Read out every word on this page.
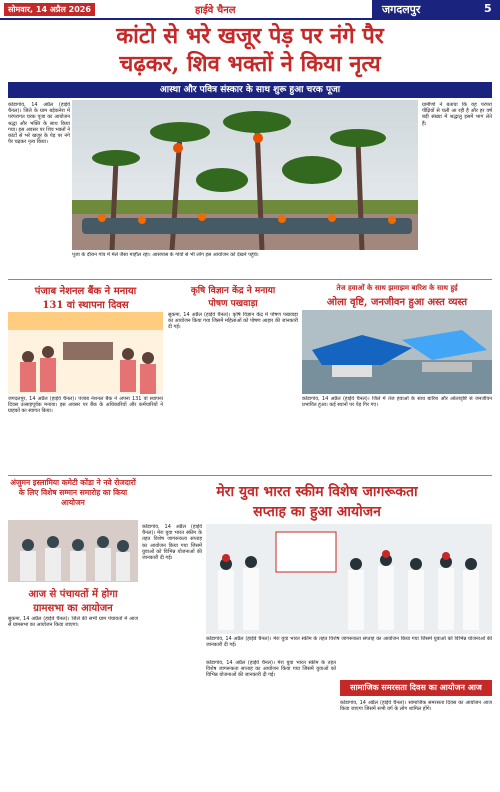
सोमवार, 14 अप्रैल 2026	हाईवे चैनल	जगदलपुर	5
कांटो से भरे खजूर पेड़ पर नंगे पैर
चढ़कर, शिव भक्तों ने किया नृत्य
आस्था और पवित्र संस्कार के साथ शुरू हुआ चरक पूजा
कोंडागांव, 14 अप्रैल (हाईवे चैनल)। जिले के ग्राम बड़ेकनेरा में परंपरागत चरक पूजा का आयोजन श्रद्धा और भक्ति के साथ किया गया। इस अवसर पर शिव भक्तों ने कांटों से भरे खजूर के पेड़ पर नंगे पैर चढ़कर नृत्य किया।
ग्रामीणों ने बताया कि यह परंपरा पीढ़ियों से चली आ रही है और हर वर्ष बड़ी संख्या में श्रद्धालु इसमें भाग लेते हैं।
पूजा के दौरान गांव में मेले जैसा माहौल रहा। आसपास के गांवों से भी लोग इस आयोजन को देखने पहुंचे।
पंजाब नेशनल बैंक ने मनाया
131 वां स्थापना दिवस
जगदलपुर, 14 अप्रैल (हाईवे चैनल)। पंजाब नेशनल बैंक ने अपना 131 वां स्थापना दिवस उत्साहपूर्वक मनाया। इस अवसर पर बैंक के अधिकारियों और कर्मचारियों ने ग्राहकों का स्वागत किया।
कृषि विज्ञान केंद्र ने मनाया
पोषण पखवाड़ा
सुकमा, 14 अप्रैल (हाईवे चैनल)। कृषि विज्ञान केंद्र में पोषण पखवाड़ा का आयोजन किया गया जिसमें महिलाओं को पोषण आहार की जानकारी दी गई।
तेज हवाओं के साथ झमाझम बारिश के साथ हुई
ओला वृष्टि, जनजीवन हुआ अस्त व्यस्त
कोंडागांव, 14 अप्रैल (हाईवे चैनल)। जिले में तेज हवाओं के साथ बारिश और ओलावृष्टि से जनजीवन प्रभावित हुआ। कई स्थानों पर पेड़ गिर गए।
अंजुमन इस्लामिया कमेटी कोंडा ने नवे रोजदारों के लिए विशेष सम्मान समारोह का किया आयोजन
मेरा युवा भारत स्कीम विशेष जागरूकता
सप्ताह का हुआ आयोजन
कोंडागांव, 14 अप्रैल (हाईवे चैनल)। मेरा युवा भारत स्कीम के तहत विशेष जागरूकता सप्ताह का आयोजन किया गया जिसमें युवाओं को विभिन्न योजनाओं की जानकारी दी गई।
कोंडागांव, 14 अप्रैल (हाईवे चैनल)। मेरा युवा भारत स्कीम के तहत विशेष जागरूकता सप्ताह का आयोजन किया गया जिसमें युवाओं को विभिन्न योजनाओं की जानकारी दी गई।
आज से पंचायतों में होगा
ग्रामसभा का आयोजन
सुकमा, 14 अप्रैल (हाईवे चैनल)। जिले की सभी ग्राम पंचायतों में आज से ग्रामसभा का आयोजन किया जाएगा।
सामाजिक समरसता दिवस का आयोजन आज
कोंडागांव, 14 अप्रैल (हाईवे चैनल)। सामाजिक समरसता दिवस का आयोजन आज किया जाएगा जिसमें सभी वर्ग के लोग शामिल होंगे।
कोंडागांव, 14 अप्रैल (हाईवे चैनल)। मेरा युवा भारत स्कीम के तहत विशेष जागरूकता सप्ताह का आयोजन किया गया जिसमें युवाओं को विभिन्न योजनाओं की जानकारी दी गई।
